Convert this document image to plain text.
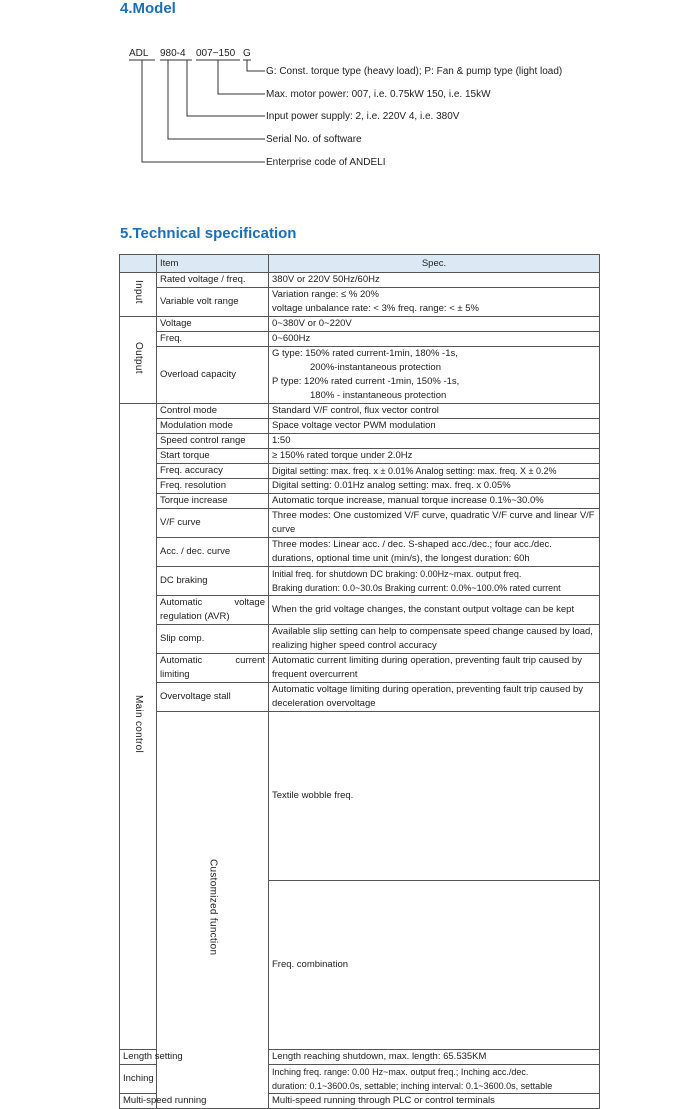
4.Model
ADL 980-4 007~150 G
G: Const. torque type (heavy load); P: Fan & pump type (light load)
Max. motor power: 007, i.e. 0.75kW 150, i.e. 15kW
Input power supply: 2, i.e. 220V 4, i.e. 380V
Serial No. of software
Enterprise code of ANDELI
5.Technical specification
	Item	Spec.	
Input	Rated voltage / freq.	380V or 220V 50Hz/60Hz	
	Variable volt range	Variation range: ≤ % 20%
voltage unbalance rate: < 3% freq. range: < ± 5%	

Output	Voltage	0~380V or 0~220V	
	Freq.	0~600Hz	
	Overload capacity	G type: 150% rated current-1min, 180% -1s,
200%-instantaneous protection
P type: 120% rated current -1min, 150% -1s,
180% - instantaneous protection	

Main control	Control mode	Standard V/F control, flux vector control	
	Modulation mode	Space voltage vector PWM modulation	
	Speed control range	1:50	
	Start torque	≥ 150% rated torque under 2.0Hz	
	Freq. accuracy	Digital setting: max. freq. x ± 0.01% Analog setting: max. freq. X ± 0.2%	
	Freq. resolution	Digital setting: 0.01Hz analog setting: max. freq. x 0.05%	
	Torque increase	Automatic torque increase, manual torque increase 0.1%~30.0%	
	V/F curve	Three modes: One customized V/F curve, quadratic V/F curve and linear V/F curve	
	Acc. / dec. curve	Three modes: Linear acc. / dec. S-shaped acc./dec.; four acc./dec. durations, optional time unit (min/s), the longest duration: 60h	
	DC braking	Initial freq. for shutdown DC braking: 0.00Hz~max. output freq.
Braking duration: 0.0~30.0s Braking current: 0.0%~100.0% rated current	

	Automatic voltage
regulation (AVR)	When the grid voltage changes, the constant output voltage can be kept	
	Slip comp.	Available slip setting can help to compensate speed change caused by load, realizing higher speed control accuracy	

	Automatic current
limiting	Automatic current limiting during operation, preventing fault trip caused by frequent overcurrent	
	Overvoltage stall	Automatic voltage limiting during operation, preventing fault trip caused by deceleration overvoltage	
	Customized function	Textile wobble freq.	
		Freq. combination	
Length setting		Length reaching shutdown, max. length: 65.535KM	
Inching		Inching freq. range: 0.00 Hz~max. output freq.; Inching acc./dec.
duration: 0.1~3600.0s, settable; inching interval: 0.1~3600.0s, settable	

Multi-speed running		Multi-speed running through PLC or control terminals	
